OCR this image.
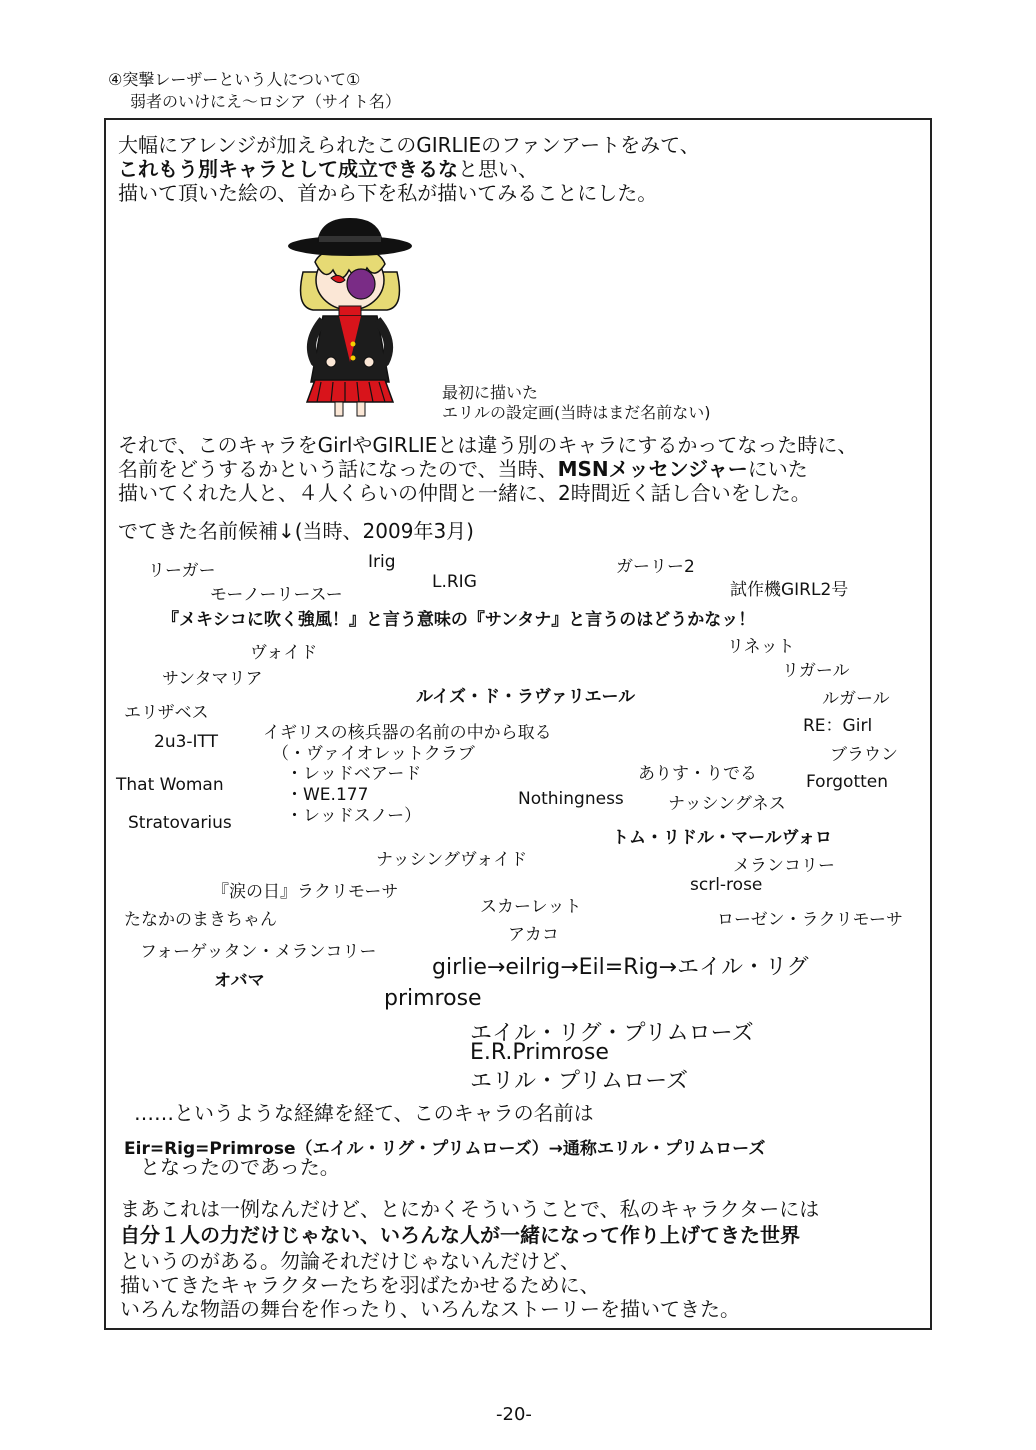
④突撃レーザーという人について①
弱者のいけにえ〜ロシア（サイト名）
大幅にアレンジが加えられたこのGIRLIEのファンアートをみて、
これもう別キャラとして成立できるなと思い、
描いて頂いた絵の、首から下を私が描いてみることにした。
最初に描いた
エリルの設定画(当時はまだ名前ない)
それで、このキャラをGirlやGIRLIEとは違う別のキャラにするかってなった時に、
名前をどうするかという話になったので、当時、MSNメッセンジャーにいた
描いてくれた人と、４人くらいの仲間と一緒に、2時間近く話し合いをした。
でてきた名前候補↓(当時、2009年3月)
リーガー	Irig	ガーリー2
モーノーリースー
L.RIG	試作機GIRL2号
『メキシコに吹く強風！』と言う意味の『サンタナ』と言うのはどうかなッ！
ヴォイド	リネット
サンタマリア	リガール
ルイズ・ド・ラヴァリエール	ルガール
エリザベス
RE：Girl
イギリスの核兵器の名前の中から取る
2u3-ITT
（・ヴァイオレットクラブ	ブラウン
・レッドベアード	ありす・りでる
That Woman	・WE.177
Forgotten
Nothingness	ナッシングネス
・レッドスノー）
Stratovarius
トム・リドル・マールヴォロ
ナッシングヴォイド	メランコリー
『涙の日』ラクリモーサ	scrl-rose
スカーレット
たなかのまきちゃん	ローゼン・ラクリモーサ
アカコ
フォーゲッタン・メランコリー
girlie→eilrig→Eil=Rig→エイル・リグ
オバマ
primrose
エイル・リグ・プリムローズ
E.R.Primrose
エリル・プリムローズ
……というような経緯を経て、このキャラの名前は
Eir=Rig=Primrose（エイル・リグ・プリムローズ）→通称エリル・プリムローズ
となったのであった。
まあこれは一例なんだけど、とにかくそういうことで、私のキャラクターには
自分１人の力だけじゃない、いろんな人が一緒になって作り上げてきた世界
というのがある。勿論それだけじゃないんだけど、
描いてきたキャラクターたちを羽ばたかせるために、
いろんな物語の舞台を作ったり、いろんなストーリーを描いてきた。
-20-
